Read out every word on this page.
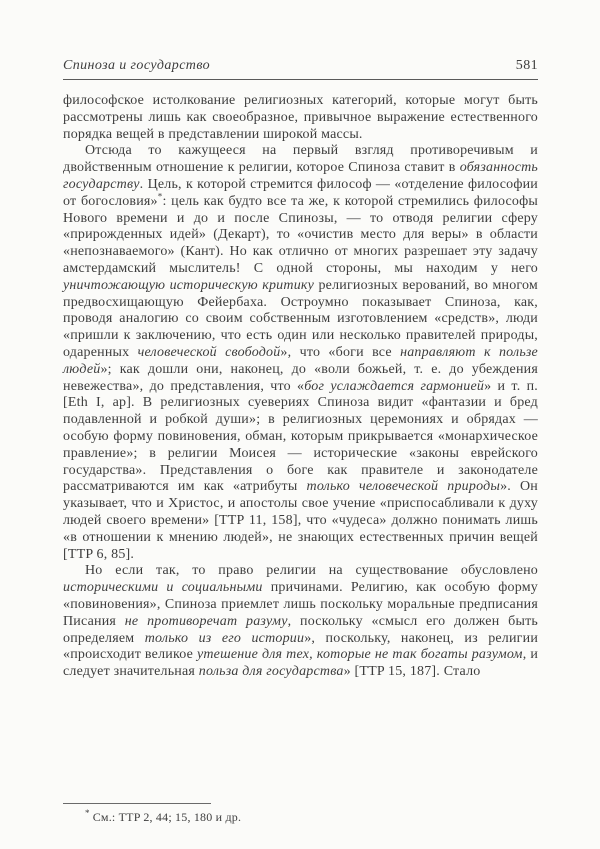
Спиноза и государство	581

философское истолкование религиозных категорий, которые могут быть рассмотрены лишь как своеобразное, привычное выражение естественного порядка вещей в представлении широкой массы.

Отсюда то кажущееся на первый взгляд противоречивым и двойственным отношение к религии, которое Спиноза ставит в обязанность государству. Цель, к которой стремится философ — «отделение философии от богословия»*: цель как будто все та же, к которой стремились философы Нового времени и до и после Спинозы, — то отводя религии сферу «прирожденных идей» (Декарт), то «очистив место для веры» в области «непознаваемого» (Кант). Но как отлично от многих разрешает эту задачу амстердамский мыслитель! С одной стороны, мы находим у него уничтожающую историческую критику религиозных верований, во многом предвосхищающую Фейербаха. Остроумно показывает Спиноза, как, проводя аналогию со своим собственным изготовлением «средств», люди «пришли к заключению, что есть один или несколько правителей природы, одаренных человеческой свободой», что «боги все направляют к пользе людей»; как дошли они, наконец, до «воли божьей, т. е. до убеждения невежества», до представления, что «бог услаждается гармонией» и т. п. [Eth I, ap]. В религиозных суевериях Спиноза видит «фантазии и бред подавленной и робкой души»; в религиозных церемониях и обрядах — особую форму повиновения, обман, которым прикрывается «монархическое правление»; в религии Моисея — исторические «законы еврейского государства». Представления о боге как правителе и законодателе рассматриваются им как «атрибуты только человеческой природы». Он указывает, что и Христос, и апостолы свое учение «приспосабливали к духу людей своего времени» [TTP 11, 158], что «чудеса» должно понимать лишь «в отношении к мнению людей», не знающих естественных причин вещей [TTP 6, 85].

Но если так, то право религии на существование обусловлено историческими и социальными причинами. Религию, как особую форму «повиновения», Спиноза приемлет лишь поскольку моральные предписания Писания не противоречат разуму, поскольку «смысл его должен быть определяем только из его истории», поскольку, наконец, из религии «происходит великое утешение для тех, которые не так богаты разумом, и следует значительная польза для государства» [TTP 15, 187]. Стало

* См.: TTP 2, 44; 15, 180 и др.
